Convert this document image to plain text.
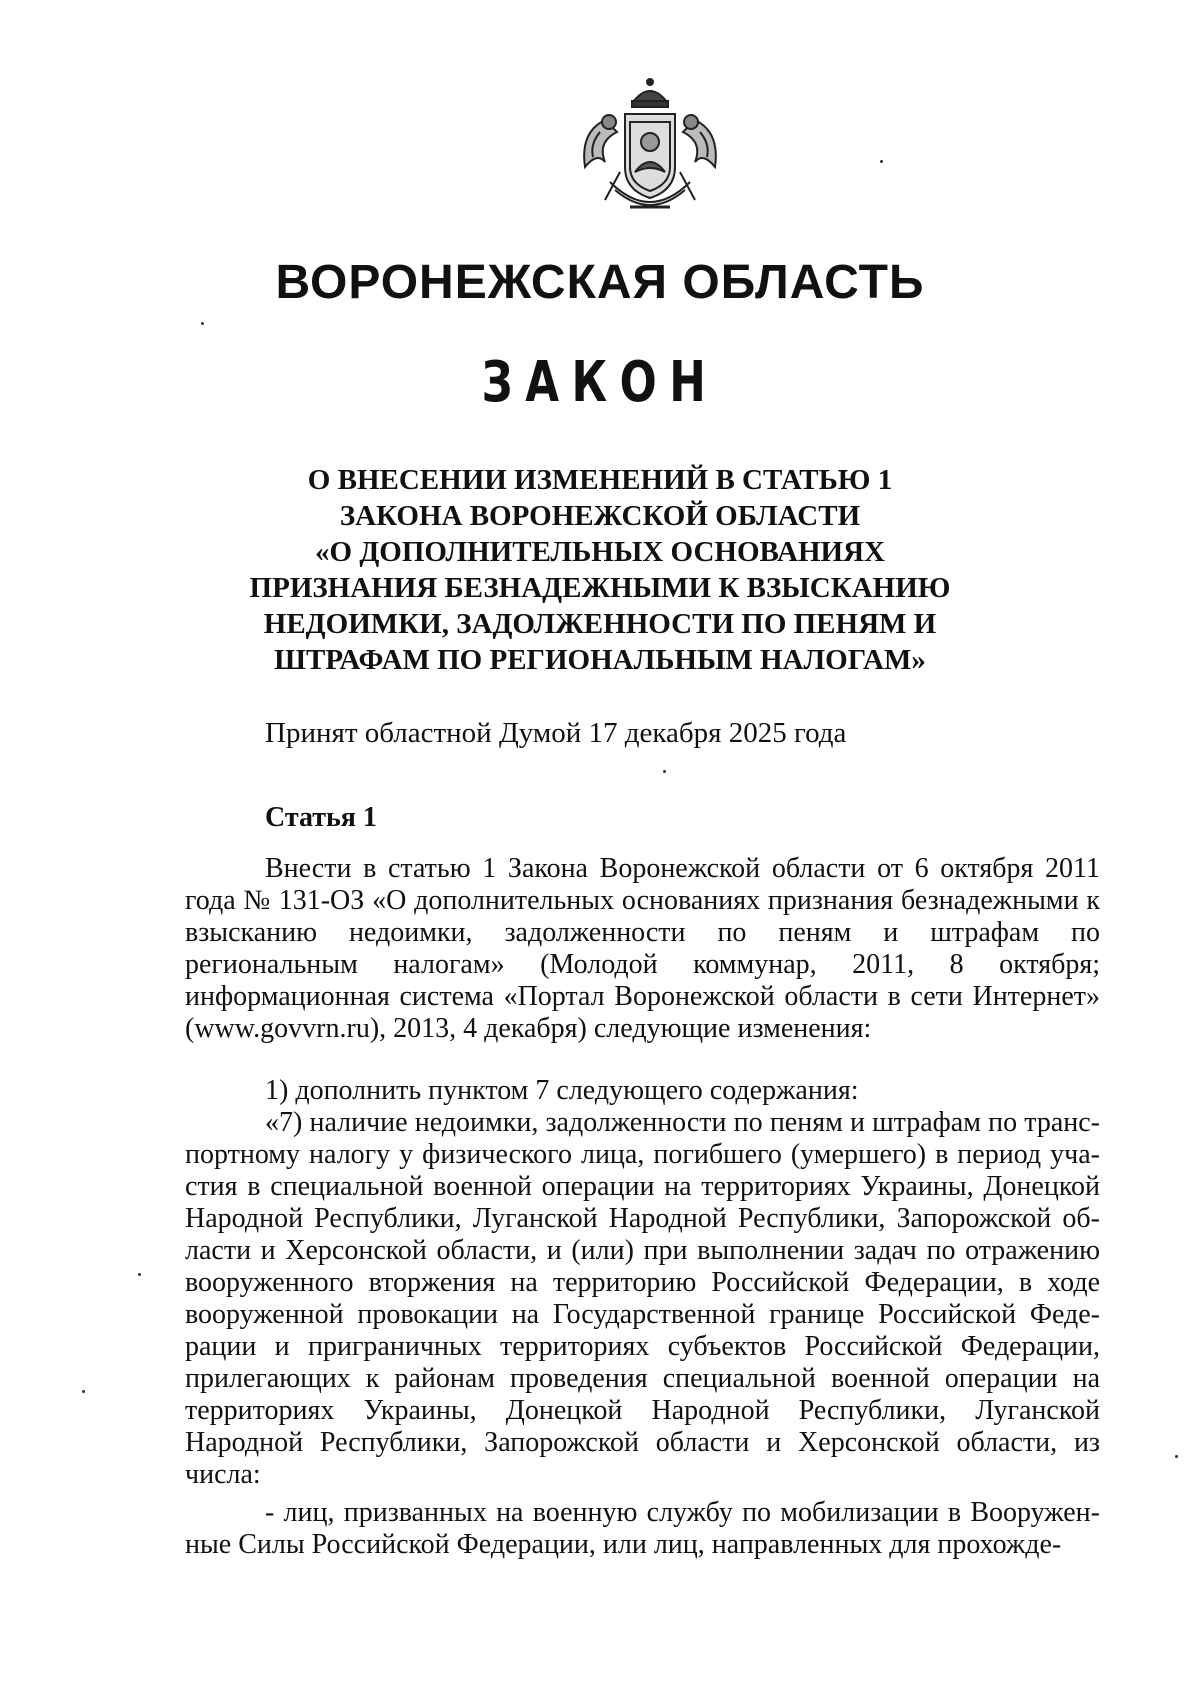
ВОРОНЕЖСКАЯ ОБЛАСТЬ
ЗАКОН
О ВНЕСЕНИИ ИЗМЕНЕНИЙ В СТАТЬЮ 1
ЗАКОНА ВОРОНЕЖСКОЙ ОБЛАСТИ
«О ДОПОЛНИТЕЛЬНЫХ ОСНОВАНИЯХ
ПРИЗНАНИЯ БЕЗНАДЕЖНЫМИ К ВЗЫСКАНИЮ
НЕДОИМКИ, ЗАДОЛЖЕННОСТИ ПО ПЕНЯМ И
ШТРАФАМ ПО РЕГИОНАЛЬНЫМ НАЛОГАМ»
Принят областной Думой 17 декабря 2025 года
Статья 1

Внести в статью 1 Закона Воронежской области от 6 октября 2011 года № 131-ОЗ «О дополнительных основаниях признания безнадежными к взысканию недоимки, задолженности по пеням и штрафам по региональным налогам» (Молодой коммунар, 2011, 8 октября; информационная система «Портал Воронежской области в сети Интернет» (www.govvrn.ru), 2013, 4 декабря) следующие изменения:

1) дополнить пунктом 7 следующего содержания:

«7) наличие недоимки, задолженности по пеням и штрафам по транспортному налогу у физического лица, погибшего (умершего) в период участия в специальной военной операции на территориях Украины, Донецкой Народной Республики, Луганской Народной Республики, Запорожской области и Херсонской области, и (или) при выполнении задач по отражению вооруженного вторжения на территорию Российской Федерации, в ходе вооруженной провокации на Государственной границе Российской Федерации и приграничных территориях субъектов Российской Федерации, прилегающих к районам проведения специальной военной операции на территориях Украины, Донецкой Народной Республики, Луганской Народной Республики, Запорожской области и Херсонской области, из числа:

- лиц, призванных на военную службу по мобилизации в Вооруженные Силы Российской Федерации, или лиц, направленных для прохожде-
